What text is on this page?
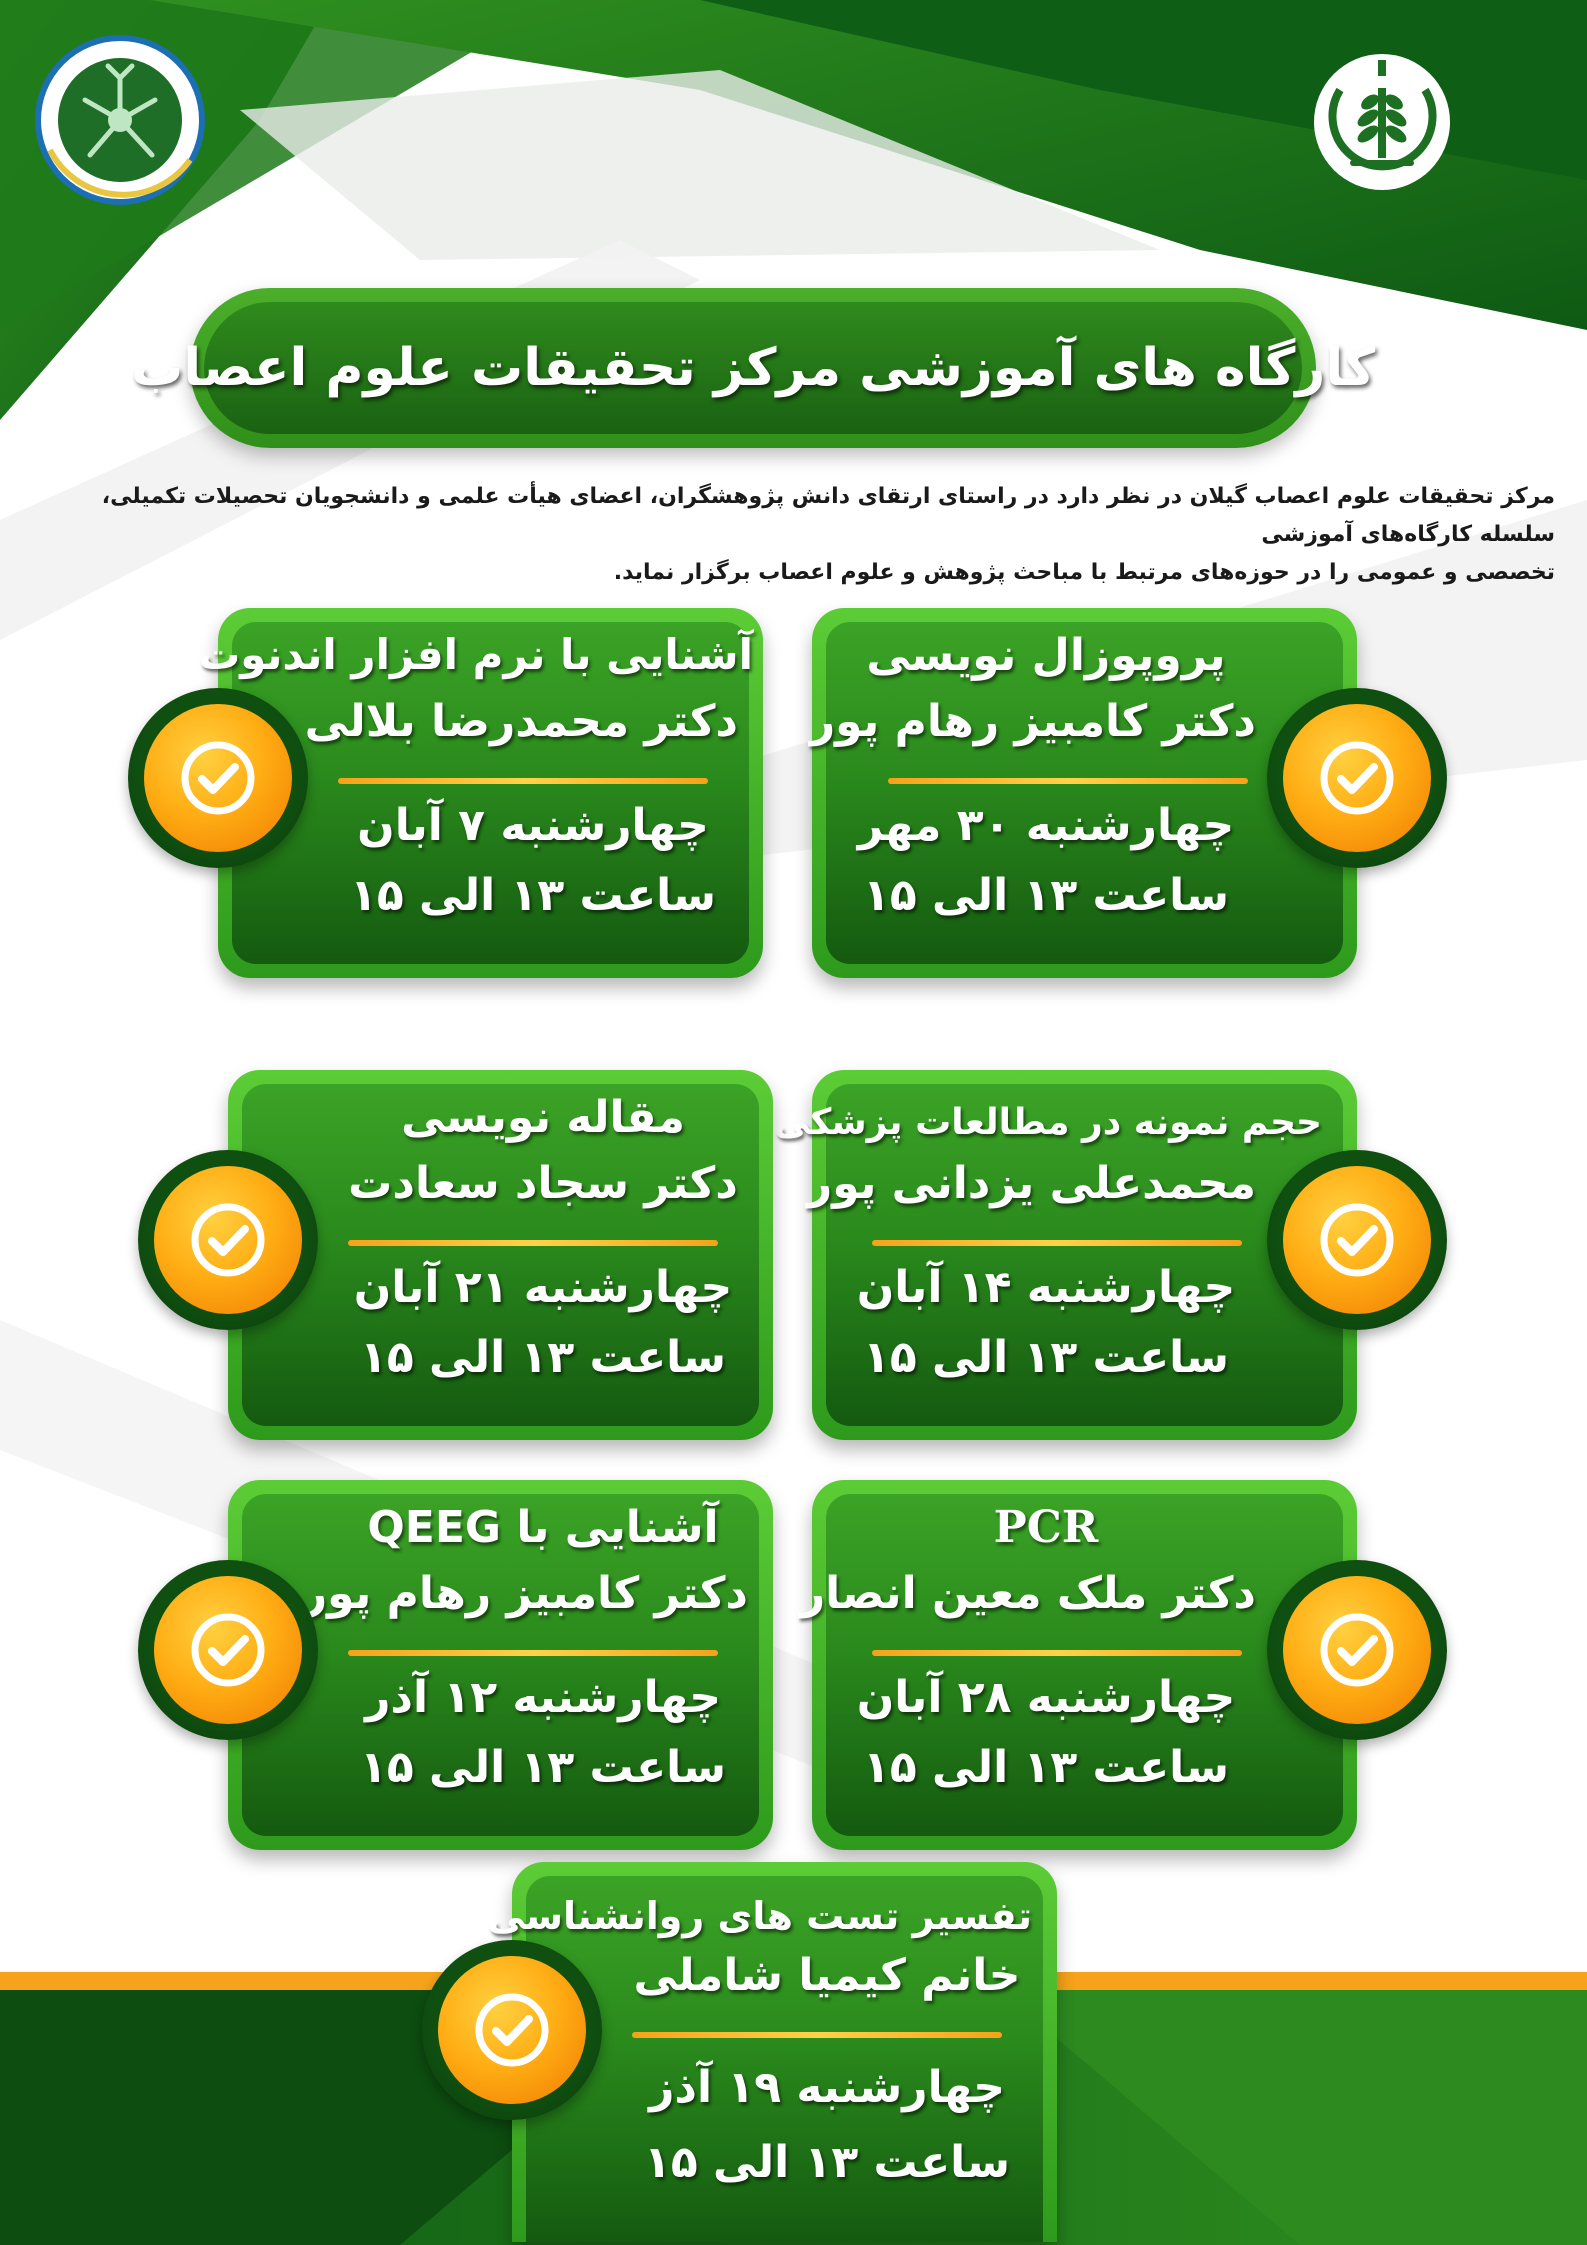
کارگاه های آموزشی مرکز تحقیقات علوم اعصاب
مرکز تحقیقات علوم اعصاب گیلان در نظر دارد در راستای ارتقای دانش پژوهشگران، اعضای هیأت علمی و دانشجویان تحصیلات تکمیلی، سلسله کارگاه‌های آموزشی
تخصصی و عمومی را در حوزه‌های مرتبط با مباحث پژوهش و علوم اعصاب برگزار نماید.
پروپوزال نویسی
دکتر کامبیز رهام پور
چهارشنبه ۳۰ مهر
ساعت ۱۳ الی ۱۵
آشنایی با نرم افزار اندنوت
دکتر محمدرضا بلالی
چهارشنبه ۷ آبان
ساعت ۱۳ الی ۱۵
حجم نمونه در مطالعات پزشکی
محمدعلی یزدانی پور
چهارشنبه ۱۴ آبان
ساعت ۱۳ الی ۱۵
مقاله نویسی
دکتر سجاد سعادت
چهارشنبه ۲۱ آبان
ساعت ۱۳ الی ۱۵
PCR
دکتر ملک معین انصار
چهارشنبه ۲۸ آبان
ساعت ۱۳ الی ۱۵
آشنایی با QEEG
دکتر کامبیز رهام پور
چهارشنبه ۱۲ آذر
ساعت ۱۳ الی ۱۵
تفسیر تست های روانشناسی
خانم کیمیا شاملی
چهارشنبه ۱۹ آذز
ساعت ۱۳ الی ۱۵
